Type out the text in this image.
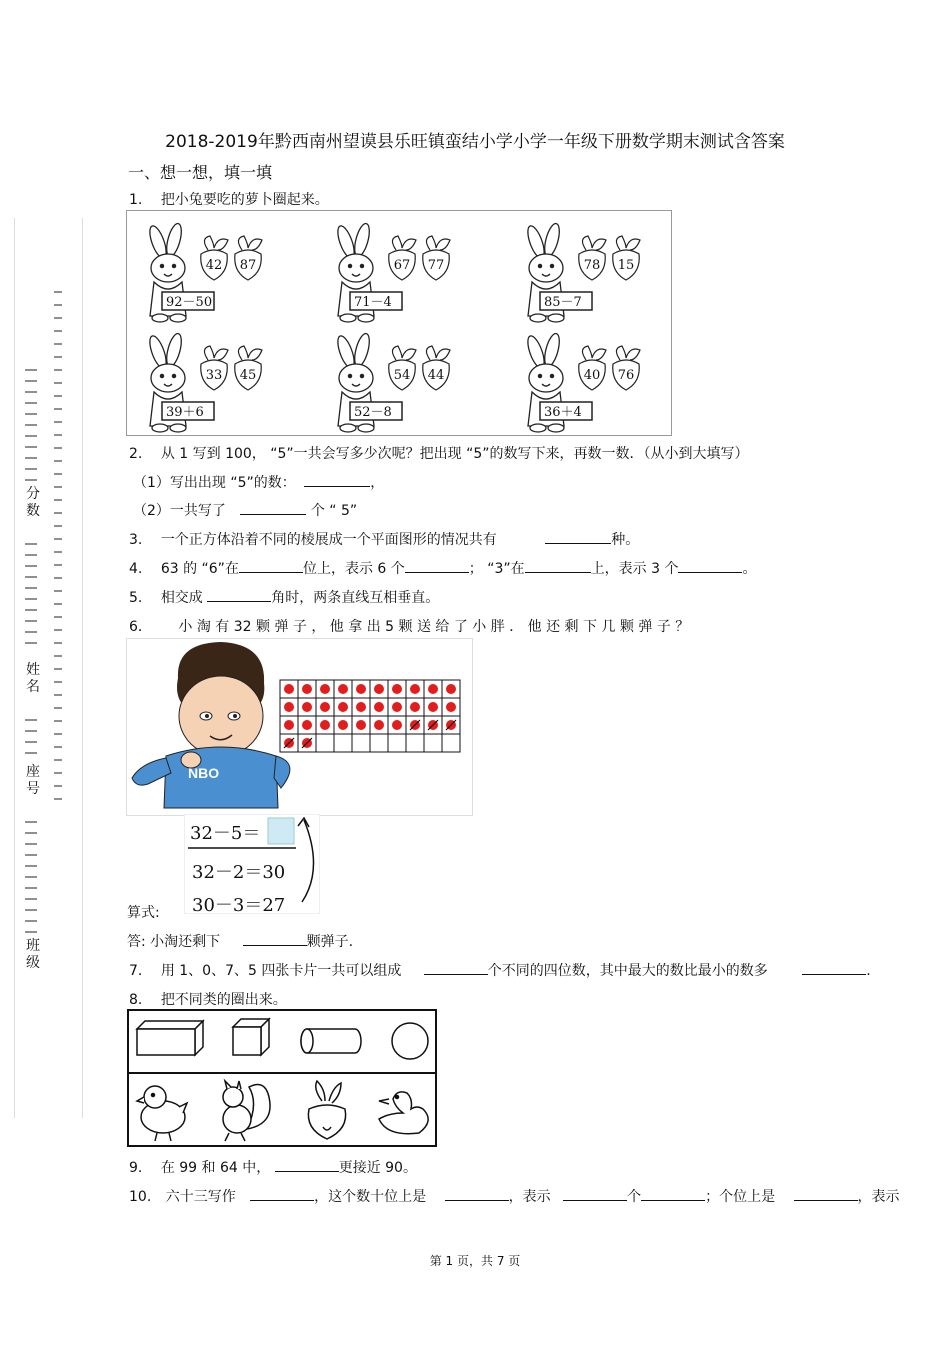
分数
姓名
座号
班级
2018-2019年黔西南州望谟县乐旺镇蛮结小学小学一年级下册数学期末测试含答案
一、想一想，填一填
1. 把小兔要吃的萝卜圈起来。
92－50
42 87
71－4
67 77
85－7
78 15
39＋6
33 45
52－8
54 44
36＋4
40 76
2. 从 1 写到 100， “5”一共会写多少次呢？把出现 “5”的数写下来，再数一数．（从小到大填写）
（1）写出出现 “5”的数：	，
（2）一共写了	个 “ 5”
3. 一个正方体沿着不同的棱展成一个平面图形的情况共有	种。
4. 63 的 “6”在	位上，表示 6 个	； “3”在	上，表示 3 个	。
5. 相交成	角时，两条直线互相垂直。
6． 小 淘 有 32 颗 弹 子 ， 他 拿 出 5 颗 送 给 了 小 胖 ． 他 还 剩 下 几 颗 弹 子 ？
NBO
32－5＝
32－2＝30
30－3＝27
算式:
答: 小淘还剩下	颗弹子.
7. 用 1、0、7、5 四张卡片一共可以组成	个不同的四位数，其中最大的数比最小的数多	.
8. 把不同类的圈出来。
9. 在 99 和 64 中，	更接近 90。
10. 六十三写作	，这个数十位上是	，表示	个	；个位上是	，表示
第 1 页，共 7 页
